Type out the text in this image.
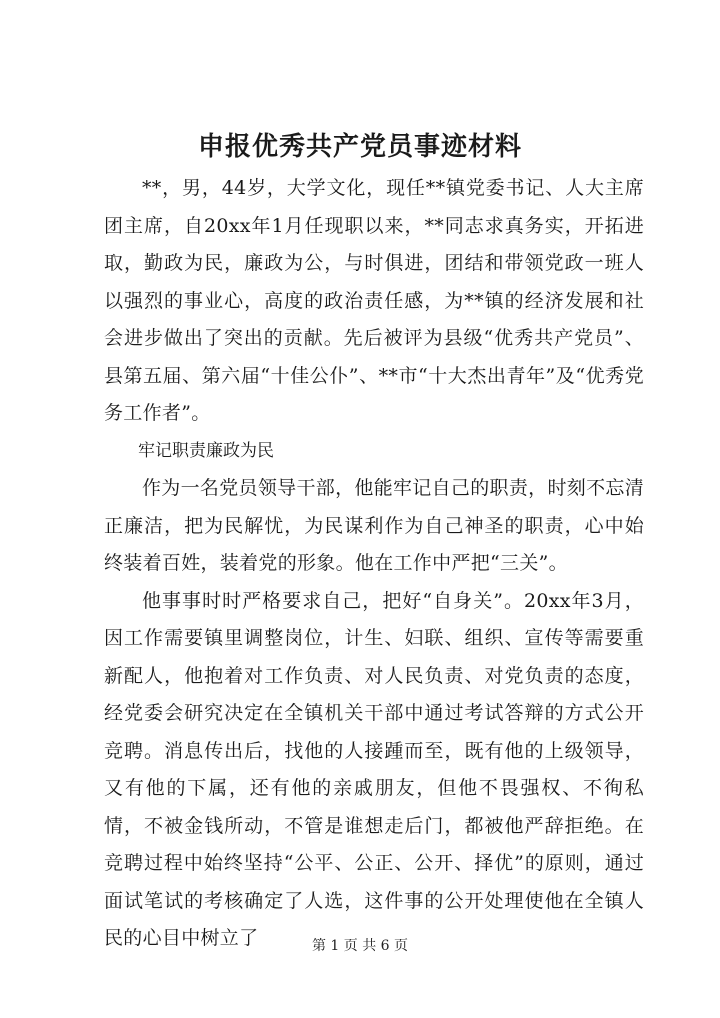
申报优秀共产党员事迹材料

**，男，44岁，大学文化，现任**镇党委书记、人大主席团主席，自20xx年1月任现职以来，**同志求真务实，开拓进取，勤政为民，廉政为公，与时俱进，团结和带领党政一班人以强烈的事业心，高度的政治责任感，为**镇的经济发展和社会进步做出了突出的贡献。先后被评为县级“优秀共产党员”、县第五届、第六届“十佳公仆”、**市“十大杰出青年”及“优秀党务工作者”。

牢记职责廉政为民

作为一名党员领导干部，他能牢记自己的职责，时刻不忘清正廉洁，把为民解忧，为民谋利作为自己神圣的职责，心中始终装着百姓，装着党的形象。他在工作中严把“三关”。

他事事时时严格要求自己，把好“自身关”。20xx年3月，因工作需要镇里调整岗位，计生、妇联、组织、宣传等需要重新配人，他抱着对工作负责、对人民负责、对党负责的态度，经党委会研究决定在全镇机关干部中通过考试答辩的方式公开竞聘。消息传出后，找他的人接踵而至，既有他的上级领导，又有他的下属，还有他的亲戚朋友，但他不畏强权、不徇私情，不被金钱所动，不管是谁想走后门，都被他严辞拒绝。在竞聘过程中始终坚持“公平、公正、公开、择优”的原则，通过面试笔试的考核确定了人选，这件事的公开处理使他在全镇人民的心目中树立了	第 1 页 共 6 页
